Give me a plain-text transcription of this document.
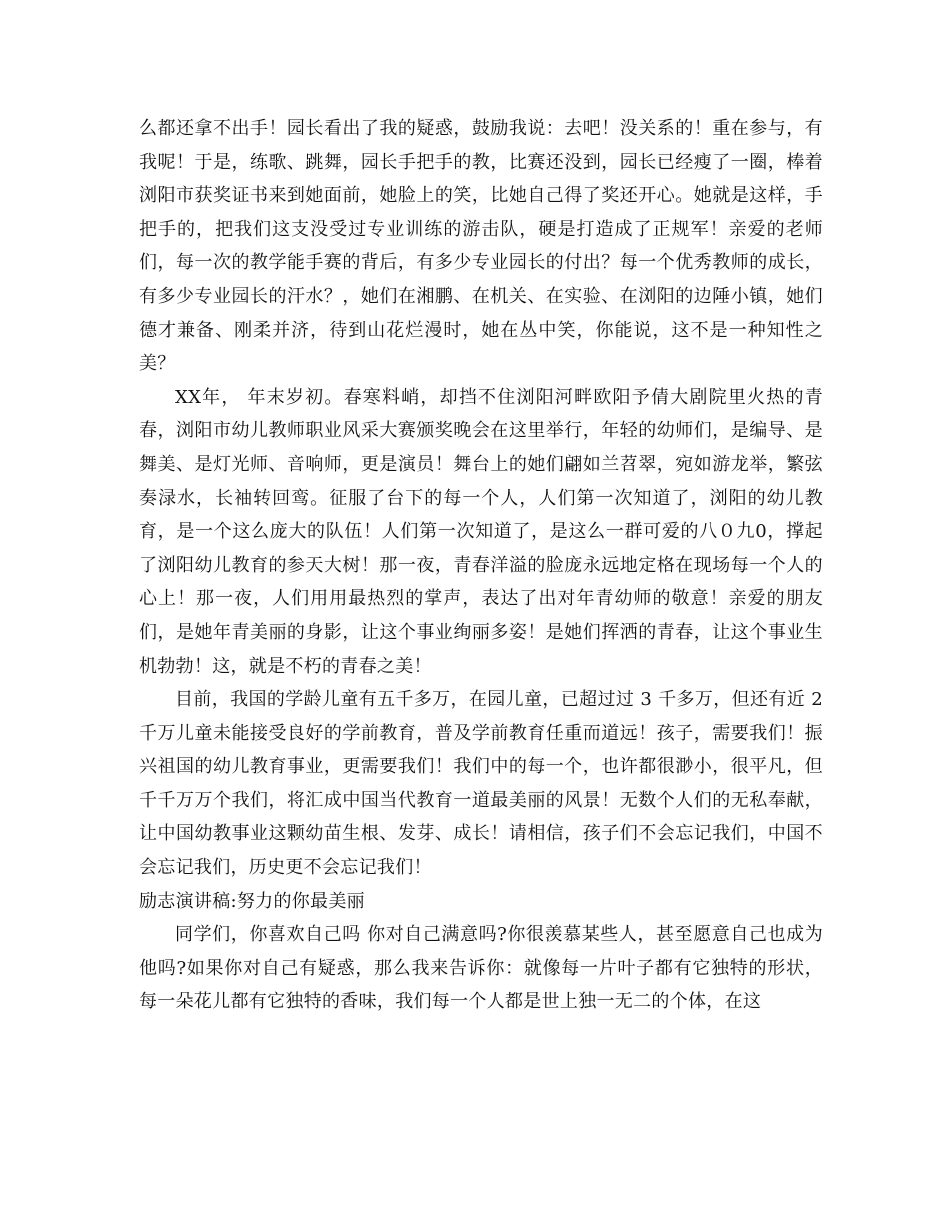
么都还拿不出手！园长看出了我的疑惑，鼓励我说：去吧！没关系的！重在参与，有我呢！于是，练歌、跳舞，园长手把手的教，比赛还没到，园长已经瘦了一圈，棒着浏阳市获奖证书来到她面前，她脸上的笑，比她自己得了奖还开心。她就是这样，手把手的，把我们这支没受过专业训练的游击队，硬是打造成了正规军！亲爱的老师们，每一次的教学能手赛的背后，有多少专业园长的付出？每一个优秀教师的成长，有多少专业园长的汗水？，她们在湘鹏、在机关、在实验、在浏阳的边陲小镇，她们德才兼备、刚柔并济，待到山花烂漫时，她在丛中笑，你能说，这不是一种知性之美？

XX年， 年末岁初。春寒料峭，却挡不住浏阳河畔欧阳予倩大剧院里火热的青春，浏阳市幼儿教师职业风采大赛颁奖晚会在这里举行，年轻的幼师们，是编导、是舞美、是灯光师、音响师，更是演员！舞台上的她们翩如兰苕翠，宛如游龙举，繁弦奏渌水，长袖转回鸾。征服了台下的每一个人，人们第一次知道了，浏阳的幼儿教育，是一个这么庞大的队伍！人们第一次知道了，是这么一群可爱的八０九0，撑起了浏阳幼儿教育的参天大树！那一夜，青春洋溢的脸庞永远地定格在现场每一个人的心上！那一夜，人们用用最热烈的掌声，表达了出对年青幼师的敬意！亲爱的朋友们，是她年青美丽的身影，让这个事业绚丽多姿！是她们挥洒的青春，让这个事业生机勃勃！这，就是不朽的青春之美！

目前，我国的学龄儿童有五千多万，在园儿童，已超过过 3 千多万，但还有近 2 千万儿童未能接受良好的学前教育，普及学前教育任重而道远！孩子，需要我们！振兴祖国的幼儿教育事业，更需要我们！我们中的每一个，也许都很渺小，很平凡，但千千万万个我们，将汇成中国当代教育一道最美丽的风景！无数个人们的无私奉献，让中国幼教事业这颗幼苗生根、发芽、成长！请相信，孩子们不会忘记我们，中国不会忘记我们，历史更不会忘记我们！

励志演讲稿:努力的你最美丽

同学们，你喜欢自己吗 你对自己满意吗?你很羡慕某些人，甚至愿意自己也成为他吗?如果你对自己有疑惑，那么我来告诉你：就像每一片叶子都有它独特的形状，每一朵花儿都有它独特的香味，我们每一个人都是世上独一无二的个体，在这
